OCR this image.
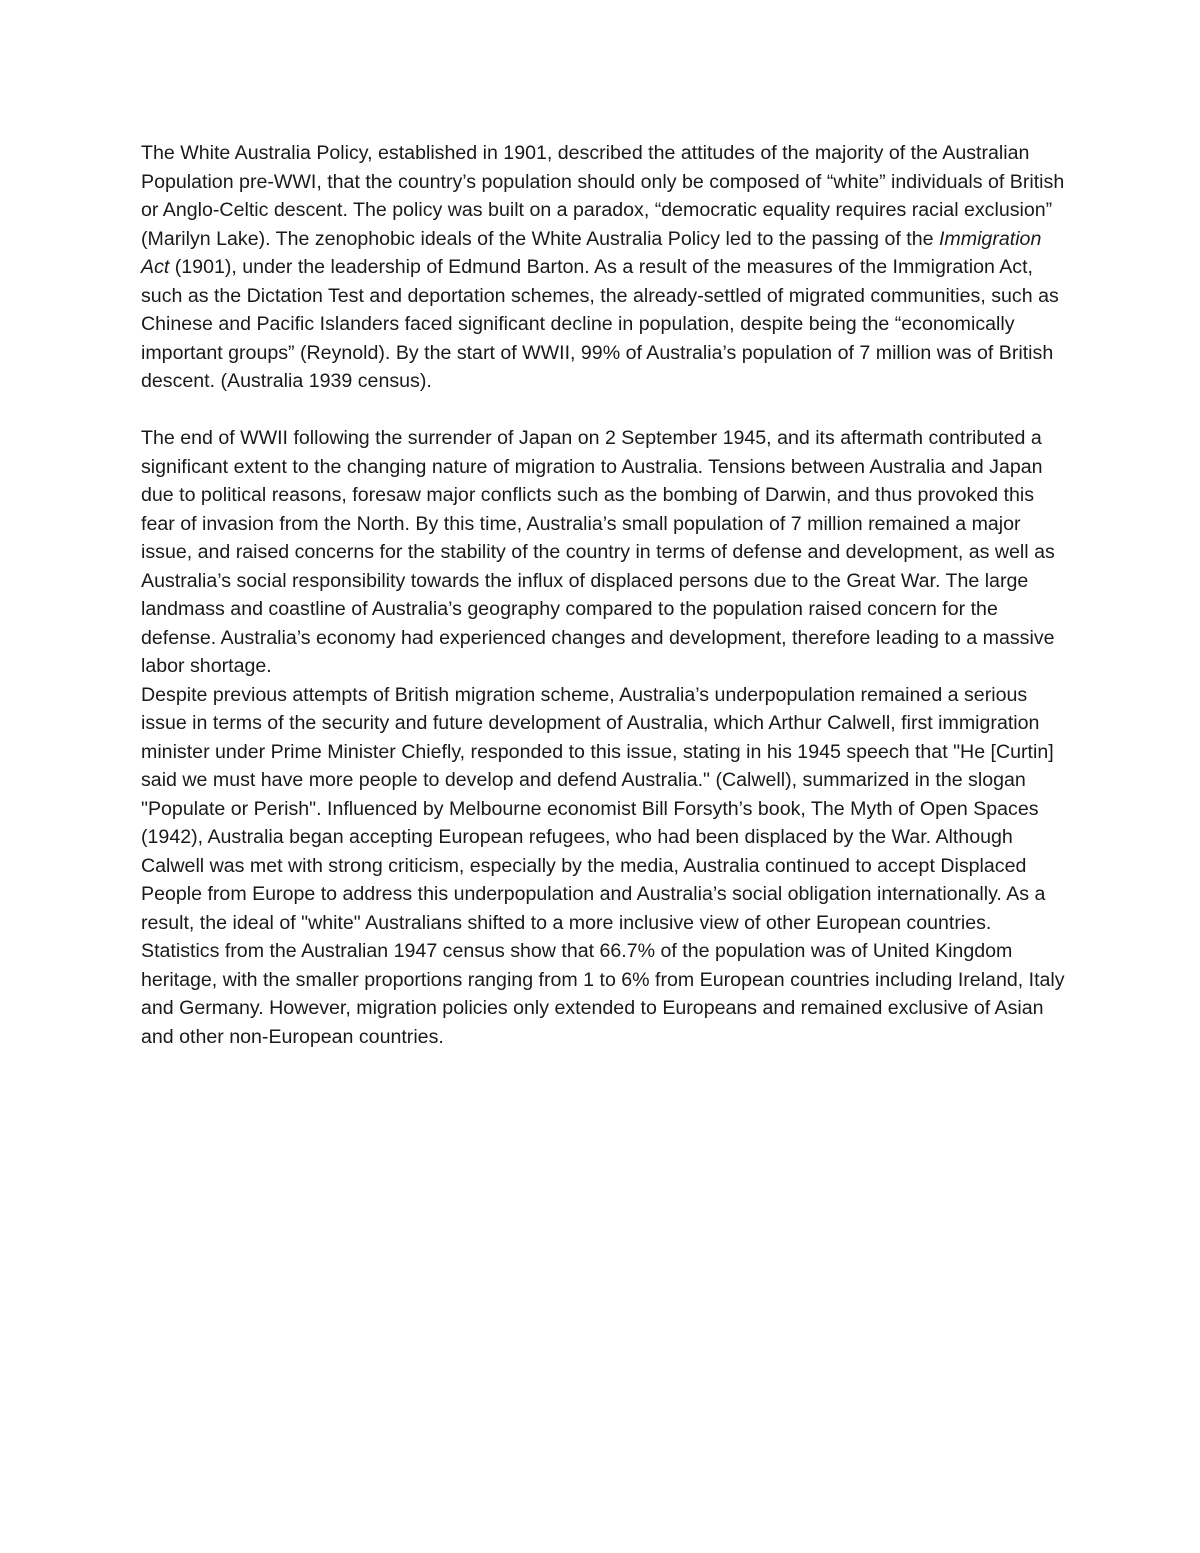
The White Australia Policy, established in 1901, described the attitudes of the majority of the Australian Population pre-WWI, that the country’s population should only be composed of “white” individuals of British or Anglo-Celtic descent. The policy was built on a paradox, “democratic equality requires racial exclusion” (Marilyn Lake). The zenophobic ideals of the White Australia Policy led to the passing of the Immigration Act (1901), under the leadership of Edmund Barton. As a result of the measures of the Immigration Act, such as the Dictation Test and deportation schemes, the already-settled of migrated communities, such as Chinese and Pacific Islanders faced significant decline in population, despite being the “economically important groups” (Reynold). By the start of WWII, 99% of Australia’s population of 7 million was of British descent. (Australia 1939 census).

The end of WWII following the surrender of Japan on 2 September 1945, and its aftermath contributed a significant extent to the changing nature of migration to Australia. Tensions between Australia and Japan due to political reasons, foresaw major conflicts such as the bombing of Darwin, and thus provoked this fear of invasion from the North. By this time, Australia’s small population of 7 million remained a major issue, and raised concerns for the stability of the country in terms of defense and development, as well as Australia’s social responsibility towards the influx of displaced persons due to the Great War. The large landmass and coastline of Australia’s geography compared to the population raised concern for the defense. Australia’s economy had experienced changes and development, therefore leading to a massive labor shortage.

Despite previous attempts of British migration scheme, Australia’s underpopulation remained a serious issue in terms of the security and future development of Australia, which Arthur Calwell, first immigration minister under Prime Minister Chiefly, responded to this issue, stating in his 1945 speech that "He [Curtin] said we must have more people to develop and defend Australia." (Calwell), summarized in the slogan "Populate or Perish". Influenced by Melbourne economist Bill Forsyth’s book, The Myth of Open Spaces (1942), Australia began accepting European refugees, who had been displaced by the War. Although Calwell was met with strong criticism, especially by the media, Australia continued to accept Displaced People from Europe to address this underpopulation and Australia’s social obligation internationally. As a result, the ideal of "white" Australians shifted to a more inclusive view of other European countries. Statistics from the Australian 1947 census show that 66.7% of the population was of United Kingdom heritage, with the smaller proportions ranging from 1 to 6% from European countries including Ireland, Italy and Germany. However, migration policies only extended to Europeans and remained exclusive of Asian and other non-European countries.
